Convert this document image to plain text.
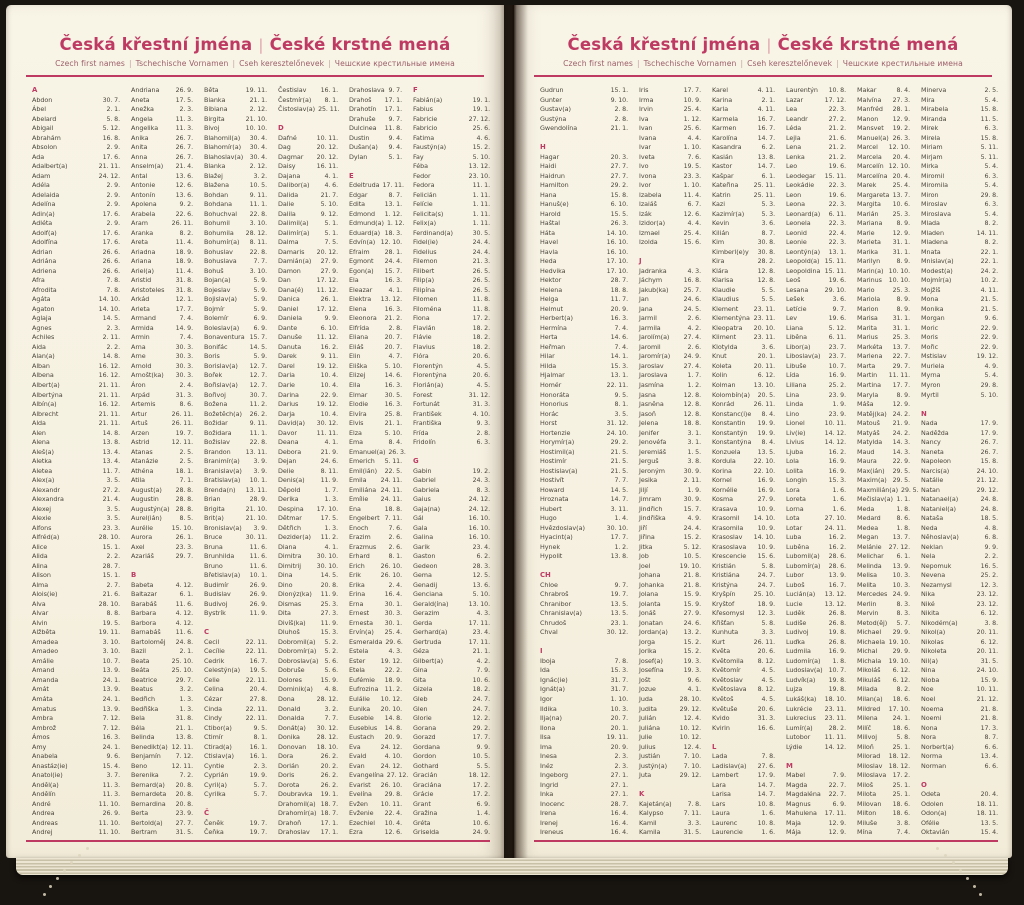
Česká křestní jména | České krstné mená
Czech first names | Tschechische Vornamen | Cseh keresztelőnevek | Чешские крестильные имена
A
Abdon	30. 7.
Ábel	2. 1.
Abelard	5. 8.
Abigail	5. 12.
Abrahám	16. 8.
Absolon	2. 9.
Ada	17. 6.
Adalbert(a)	21. 11.
Adam	24. 12.
Adéla	2. 9.
Adelaida	2. 9.
Adelína	2. 9.
Adin(a)	17. 6.
Adléta	2. 9.
Adolf(a)	17. 6.
Adolfína	17. 6.
Adrian	26. 6.
Adriána	26. 6.
Adriena	26. 6.
Afra	7. 8.
Afrodita	7. 8.
Agáta	14. 10.
Agaton	14. 10.
Aglaja	14. 5.
Agnes	2. 3.
Achiles	2. 11.
Aida	2. 2.
Alan(a)	14. 8.
Alban	16. 12.
Albena	16. 12.
Albert(a)	21. 11.
Albertýna	21. 11.
Albín(a)	16. 12.
Albrecht	21. 11.
Alda	21. 11.
Alen	14. 8.
Alena	13. 8.
Aleš(a)	13. 4.
Aletka	13. 4.
Aletea	11. 7.
Alex(a)	3. 5.
Alexandr	27. 2.
Alexandra	21. 4.
Alexej	3. 5.
Alexie	3. 5.
Alfons	23. 3.
Alfréd(a)	28. 10.
Alice	15. 1.
Alida	2. 2.
Alina	28. 7.
Alison	15. 1.
Alma	2. 7.
Alois(ie)	21. 6.
Alva	28. 10.
Alvar	8. 8.
Alvin	19. 5.
Alžběta	19. 11.
Amadea	3. 10.
Amadeo	3. 10.
Amálie	10. 7.
Amand	13. 9.
Amanda	24. 1.
Amát	13. 9.
Amáta	24. 1.
Amatus	13. 9.
Ambra	7. 12.
Ambrož	7. 12.
Ámos	16. 3.
Amy	24. 1.
Anabela	9. 6.
Anastáz(ie)	15. 4.
Anatol(ie)	3. 7.
Anděl(a)	11. 3.
Andělín	11. 3.
André	11. 10.
Andrea	26. 9.
Andreas	11. 10.
Andrej	11. 10.
Andriana	26. 9.
Aneta	17. 5.
Anežka	2. 3.
Angela	11. 3.
Angelika	11. 3.
Anika	26. 7.
Anita	26. 7.
Anna	26. 7.
Anselm(a) 21. 4.
Antal	13. 6.
Antonie	12. 6.
Antonín	13. 6.
Apolena	9. 2.
Arabela	22. 6.
Aram	26. 11.
Aranka	8. 2.
Areta	11. 4.
Ariadna	18. 9.
Ariana	18. 9.
Ariel(a)	11. 4.
Aristid	31. 8.
Aristoteles 31. 8.
Arkád	12. 1.
Arleta	17. 7.
Armand	7. 4.
Armida	14. 9.
Armin	7. 4.
Arna	30. 3.
Arne	30. 3.
Arnold	30. 3.
Arnošt(ka) 30. 3.
Áron	2. 4.
Arpád	31. 3.
Artemis	8. 6.
Artur	26. 11.
Artuš	26. 11.
Arzen	19. 7.
Astrid	12. 11.
Atanas	2. 5.
Atanázie	2. 5.
Athéna	18. 1.
Atila	7. 1.
August(a) 28. 8.
Augustin	28. 8.
Augustýn(a) 28. 8.
Aurel(ián)	8. 5.
Aurélie	15. 10.
Aurora	26. 1.
Axel	23. 3.
Azariáš	29. 7.
B
Babeta	4. 12.
Baltazar	6. 1.
Barabáš	11. 6.
Barbara	4. 12.
Barbora	4. 12.
Barnabáš 11. 6.
Bartoloměj 24. 8.
Bazil	2. 1.
Beata	25. 10.
Beáta	25. 10.
Beatrice	29. 7.
Beatus	3. 2.
Bedřich	1. 3.
Bedřiška	1. 3.
Bela	31. 8.
Béla	21. 1.
Belinda	13. 8.
Benedikt(a) 12. 11.
Benjamín 7. 12.
Beno	12. 11.
Berenika	7. 2.
Bernard(a) 20. 8.
Bernardeta 20. 8.
Bernardina 20. 8.
Berta	23. 9.
Bertold(a) 27. 7.
Bertram	31. 5.
Běta	19. 11.
Bianka	21. 1.
Bibiana	2. 12.
Birgita	21. 10.
Bivoj	10. 10.
Blahomil(a) 30. 4.
Blahomír(a) 30. 4.
Blahoslav(a) 30. 4.
Blanka	2. 12.
Blažej	3. 2.
Blažena	10. 5.
Bohdan	9. 11.
Bohdana	11. 1.
Bohuchval 22. 8.
Bohumil	3. 10.
Bohumila 28. 12.
Bohumír(a) 8. 11.
Bohuslav	22. 8.
Bohuslava	7. 7.
Bohuš	3. 10.
Bojan(a)	5. 9.
Bojeslav	5. 9.
Bojislav(a)	5. 9.
Bojmír	5. 9.
Bolemír	6. 9.
Boleslav(a) 6. 9.
Bonaventura 15. 7.
Bonifác	14. 5.
Boris	5. 9.
Borislav(a) 12. 7.
Bořek	12. 7.
Bořislav(a) 12. 7.
Bořivoj	30. 7.
Božena	11. 2.
Božetěch(a) 26. 2.
Božidar	9. 11.
Božidara	11. 1.
Božislav	22. 8.
Brandon 13. 11.
Branimír(a) 3. 9.
Branislav(a) 3. 9.
Bratislav(a) 10. 1.
Brenda(n) 13. 11.
Brian	28. 9.
Brigita	21. 10.
Brit(a)	21. 10.
Bronislav(a) 3. 9.
Bruce	30. 11.
Bruna	11. 6.
Brunhilda 11. 6.
Bruno	11. 6.
Břetislav(a) 10. 1.
Budimír	26. 9.
Budislav	26. 9.
Budivoj	26. 9.
Bystrík	11. 9.
C
Cecil	22. 11.
Cecílie	22. 11.
Cedrik	16. 7.
Celestýn(a) 19. 5.
Celie	22. 11.
Celina	20. 4.
Cézar	27. 8.
Cinda	22. 11.
Cindy	22. 11.
Ctibor(a)	9. 5.
Ctimír	8. 1.
Ctirad(a)	16. 1.
Ctislav(a) 16. 1.
Cyntie	2. 3.
Cyprián	19. 9.
Cyril(a)	5. 7.
Cyrilka	5. 7.
Č
Čeněk	19. 7.
Čeňka	19. 7.
Čestislav 16. 1.
Čestmír(a) 8. 1.
Čistoslav(a) 25. 11.
D
Dafné	10. 11.
Dag	20. 12.
Dagmar 20. 12.
Daisy	16. 11.
Dajana	4. 1.
Dalibor(a) 4. 6.
Dalida	21. 7.
Dalie	5. 10.
Dalila	9. 12.
Dalimil(a)	5. 1.
Dalimír(a) 5. 1.
Dalma	7. 5.
Damaris 20. 12.
Damián(a) 27. 9.
Damon	27. 9.
Dan	17. 12.
Dana(é) 11. 12.
Danica	26. 1.
Daniel	17. 12.
Daniela	9. 9.
Dante	6. 10.
Danuše 11. 12.
Danuta	16. 2.
Darek	9. 11.
Darel	19. 12.
Daria	10. 4.
Darie	10. 4.
Darina	22. 9.
Darius	19. 12.
Darja	10. 4.
David(a) 30. 12.
Davor	11. 11.
Deana	4. 1.
Debora	21. 9.
Dejan	24. 6.
Delie	8. 11.
Denis(a)	11. 9.
Děpold	1. 7.
Derika	1. 3.
Despina 17. 10.
Dětmar	17. 5.
Dětřich	1. 3.
Dezider(a) 11. 2.
Diana	4. 1.
Dimitra 30. 10.
Dimitrij 30. 10.
Dina	14. 5.
Dino	20. 8.
Dionýz(ka) 11. 9.
Dismas	25. 3.
Dita	27. 3.
Divíš(ka) 11. 9.
Dluhoš	15. 3.
Dobromil(a) 5. 2.
Dobromír(a) 5. 2.
Dobroslav(a) 5. 6.
Dobruše	5. 6.
Dolores	15. 9.
Dominik(a) 4. 8.
Dona	28. 12.
Donald	3. 2.
Donalda	7. 7.
Donát(a) 30. 12.
Donika	28. 12.
Donovan 18. 10.
Dora	26. 2.
Dorián	20. 2.
Doris	26. 2.
Dorota	26. 2.
Doubravka 19. 1.
Drahomil(a) 18. 7.
Drahomír(a) 18. 7.
Drahoň	17. 1.
Drahoslav 17. 1.
Drahoslava 9. 7.
Drahoš 17. 1.
Drahotín 17. 1.
Drahuše 9. 7.
Dulcinea 11. 8.
Dustin	9. 4.
Dušan(a) 9. 4.
Dylan	5. 1.
E
Edeltruda 17. 11.
Edgar	8. 7.
Edita	13. 1.
Edmond 1. 12.
Edmund(a) 1. 12.
Eduard(a) 18. 3.
Edvín(a) 12. 10.
Efraim 28. 1.
Egmont 24. 4.
Egon(a) 15. 7.
Ela	16. 3.
Eleazar	4. 1.
Elektra 13. 12.
Elena	16. 3.
Eleonora 21. 2.
Elfrída	2. 8.
Eliana	20. 7.
Eliáš	20. 7.
Elin	4. 7.
Eliška	5. 10.
Elizej	14. 6.
Ella	16. 3.
Elmar	30. 5.
Elodie	16. 3.
Elvíra	25. 8.
Elvis	21. 1.
Elza	5. 10.
Ema	8. 4.
Emanuel(a) 26. 3.
Emerich 5. 11.
Emil(ián) 22. 5.
Emila 24. 11.
Emiliána 24. 11.
Emílie 24. 11.
Ena	18. 8.
Engelbert 7. 11.
Enoch	7. 6.
Erazim	2. 6.
Erazmus 2. 6.
Erhard	8. 1.
Erich	26. 10.
Erik	26. 10.
Erika	2. 4.
Erina	16. 4.
Erna	30. 1.
Ernest 30. 3.
Ernesta 30. 1.
Ervín(a) 25. 4.
Esmeralda 29. 6.
Estela	4. 3.
Ester 19. 12.
Etela	22. 2.
Eufémie 18. 9.
Eufrozina 11. 2.
Eulálie 10. 12.
Eunika 20. 10.
Eusebie 14. 8.
Eusebius 14. 8.
Eustach 20. 9.
Eva	24. 12.
Evald	4. 10.
Evan	24. 12.
Evangelína 27. 12.
Evarist 26. 10.
Evelína 29. 8.
Evžen 10. 11.
Evženie 22. 4.
Ezechiel 10. 4.
Ezra	12. 6.
F
Fabián(a)	19. 1.
Fabius	19. 1.
Fabricie	27. 12.
Fabricio	25. 6.
Fatima	4. 6.
Faustýn(a)	15. 2.
Fay	5. 10.
Féba	13. 12.
Fedor	23. 10.
Fedora	11. 1.
Felicián	1. 11.
Felície	1. 11.
Felicita(s)	1. 11.
Felix(a)	1. 11.
Ferdinand(a)	30. 5.
Fidel(ie)	24. 4.
Fidelius	24. 4.
Filemon	21. 3.
Filibert	26. 5.
Filip(a)	26. 5.
Filipína	26. 5.
Filomen	11. 8.
Filoména	11. 8.
Fiona	17. 2.
Flavián	18. 2.
Flávie	18. 2.
Flavius	18. 2.
Flóra	20. 6.
Florentýn	4. 5.
Florentýna	20. 6.
Florián(a)	4. 5.
Forest	31. 12.
Fortunát	31. 3.
František	4. 10.
Františka	9. 3.
Frída	2. 8.
Fridolín	6. 3.
G
Gabin	19. 2.
Gabriel	24. 3.
Gabriela	8. 3.
Gaius	24. 12.
Gaja(na)	24. 12.
Gál	16. 10.
Gala	16. 10.
Galina	16. 10.
Garik	23. 4.
Gaston	6. 2.
Gedeon	28. 3.
Gema	12. 5.
Genadij	13. 6.
Genciana	5. 10.
Gerald(ína)	13. 10.
Gerazim	4. 3.
Gerda	17. 11.
Gerhard(a)	23. 4.
Gertruda	17. 11.
Géza	21. 1.
Gilbert(a)	4. 2.
Gina	7. 9.
Gita	10. 6.
Gizela	18. 2.
Gleb	24. 7.
Glen	24. 7.
Glorie	12. 2.
Gorana	29. 2.
Gorazd	17. 7.
Gordana	9. 9.
Gordon	10. 5.
Gothard	5. 5.
Gracián	18. 12.
Graciána	17. 2.
Grácie	17. 2.
Grant	6. 9.
Gražina	1. 4.
Gréta	10. 6.
Griselda	24. 9.
Česká křestní jména | České krstné mená
Czech first names | Tschechische Vornamen | Cseh keresztelőnevek | Чешские крестильные имена
Gudrun	15. 1.
Gunter	9. 10.
Gustav(a)	2. 8.
Gustýna	2. 8.
Gwendolína	21. 1.
H
Hagar	20. 3.
Haidi	27. 7.
Haidrun	27. 7.
Hamilton	29. 2.
Hana	15. 8.
Hanuš(e)	6. 10.
Harold	15. 5.
Haštal	26. 3.
Háta	14. 10.
Havel	16. 10.
Havla	16. 10.
Heda	17. 10.
Hedvika	17. 10.
Hektor	28. 7.
Helena	18. 8.
Helga	11. 7.
Helmut	20. 9.
Herbert(a)	16. 3.
Hermína	7. 4.
Herta	14. 6.
Heřman	7. 4.
Hilar	14. 1.
Hilda	15. 3.
Hjalmar	13. 1.
Homér	22. 11.
Honoráta	9. 5.
Honorius	8. 1.
Horác	3. 5.
Horst	31. 12.
Hortenzie	24. 10.
Horymír(a)	29. 2.
Hostimil(a)	21. 5.
Hostimír	21. 5.
Hostislav(a)	21. 5.
Hostivít	7. 7.
Howard	14. 5.
Hroznata	14. 7.
Hubert	3. 11.
Hugo	1. 4.
Hvězdoslav(a)	30. 10.
Hyacint(a)	17. 7.
Hynek	1. 2.
Hypolit	13. 8.
CH
Chloe	9. 7.
Chrabroš	19. 7.
Chranibor	13. 5.
Chranislav(a)	13. 5.
Chrudoš	23. 1.
Chval	30. 12.
I
Iboja	7. 8.
Ida	15. 3.
Ignác(ie)	31. 7.
Ignát(a)	31. 7.
Igor	1. 10.
Ildika	10. 3.
Ilja(na)	20. 7.
Ilona	20. 1.
Ilsa	19. 11.
Ima	20. 9.
Inesa	2. 3.
Inéz	2. 3.
Ingeborg	27. 1.
Ingrid	27. 1.
Inka	27. 1.
Inocenc	28. 7.
Irena	16. 4.
Irenej	16. 4.
Ireneus	16. 4.
Iris	17. 7.
Irma	10. 9.
Irvin	25. 4.
Iva	1. 12.
Ivan	25. 6.
Ivana	4. 4.
Ivar	1. 10.
Iveta	7. 6.
Ivo	19. 5.
Ivona	23. 3.
Ivor	1. 10.
Izabela	11. 4.
Izaiáš	6. 7.
Izák	12. 6.
Izidor(a)	4. 4.
Izmael	25. 4.
Izolda	15. 6.
J
Jadranka	4. 3.
Jáchym	16. 8.
Jakub(ka) 25. 7.
Jan	24. 6.
Jana	24. 5.
Jarmil	2. 6.
Jarmila	4. 2.
Jarolím(a) 27. 4.
Jaromil	2. 6.
Jaromír(a) 24. 9.
Jaroslav	27. 4.
Jaroslava	1. 7.
Jasmína	1. 2.
Jasna	12. 8.
Jasněna	12. 8.
Jasoň	12. 8.
Jelena	18. 8.
Jenifer	3. 1.
Jenovéfa	3. 1.
Jeremiáš	1. 5.
Jerguš	3. 8.
Jeroným	30. 9.
Jesika	2. 11.
Jiljí	1. 9.
Jimram	30. 9.
Jindřich	15. 7.
Jindřiška	4. 9.
Jiří	24. 4.
Jiřina	15. 2.
Jitka	5. 12.
Job	10. 5.
Joel	19. 10.
Johana	21. 8.
Johanka	21. 8.
Jolana	15. 9.
Jolanta	15. 9.
Jonáš	27. 9.
Jonatan	24. 6.
Jordan(a)	13. 2.
Jorga	15. 2.
Jorika	15. 2.
Josef(a)	19. 3.
Josefína	19. 3.
Jošt	9. 6.
Jozue	4. 1.
Juda	28. 10.
Judita	29. 12.
Julián	12. 4.
Juliána	10. 12.
Julie	10. 12.
Julius	12. 4.
Justián	7. 10.
Justýn(a)	7. 10.
Juta	29. 12.
K
Kajetán(a)	7. 8.
Kalypso	7. 11.
Kamil	3. 3.
Kamila	31. 5.
Karel	4. 11.
Karina	2. 1.
Karla	4. 11.
Karmela	16. 7.
Karmen	16. 7.
Karolína	14. 7.
Kasandra	6. 2.
Kasián	13. 8.
Kastor	14. 7.
Kašpar	6. 1.
Kateřina 25. 11.
Katrin	25. 11.
Kazi	5. 3.
Kazimír(a)	5. 3.
Kevin	3. 6.
Kilián	8. 7.
Kim	30. 8.
Kimberl(e)y 30. 8.
Kira	28. 2.
Klára	12. 8.
Klarisa	12. 8.
Klaudie	5. 5.
Klaudius	5. 5.
Klement 23. 11.
Klementýna 23. 11.
Kleopatra 20. 10.
Kliment	23. 11.
Klotylda	3. 6.
Knut	20. 1.
Koleta	20. 11.
Kolin	6. 12.
Kolman	13. 10.
Kolombín(a) 20. 5.
Konrád	26. 11.
Konstanc(i)e 8. 4.
Konstantin 19. 9.
Konstantýn 19. 9.
Konstantýna 8. 4.
Konzuela	13. 5.
Kordula	22. 10.
Korina	22. 10.
Kornel	16. 9.
Kornélie	16. 9.
Kosma	27. 9.
Krasava	10. 9.
Krasomil 14. 10.
Krasomila 10. 9.
Krasoslav 14. 10.
Krasoslava 10. 9.
Krescencie 15. 6.
Kristián	5. 8.
Kristiána	24. 7.
Kristýna	24. 7.
Kryšpín	25. 10.
Kryštof	18. 9.
Křesomysl 12. 3.
Křišťan	5. 8.
Kunhuta	3. 3.
Kurt	26. 11.
Květa	20. 6.
Květomila 8. 12.
Květomír	4. 5.
Květoslav	4. 5.
Květoslava 8. 12.
Květoš	4. 5.
Květuše	20. 6.
Kvido	31. 3.
Kvirin	16. 6.
L
Lada	7. 8.
Ladislav(a) 27. 6.
Lambert	17. 9.
Lara	14. 7.
Larisa	14. 7.
Lars	10. 8.
Laura	1. 6.
Laurenc	10. 8.
Laurencie	1. 6.
Laurentýn 10. 8.
Lazar	17. 12.
Lea	22. 3.
Leandr	27. 2.
Léda	21. 2.
Lejla	21. 6.
Lena	21. 2.
Lenka	21. 2.
Leo	19. 6.
Leodegar 15. 11.
Leokádie 22. 3.
Leon	19. 6.
Leona	22. 3.
Leonard(a) 6. 11.
Leonela	22. 3.
Leonid	22. 4.
Leonie	22. 3.
Leontýn(a) 13. 1.
Leopold(a) 15. 11.
Leopoldina 15. 11.
Leoš	19. 6.
Lesana	29. 10.
Lešek	3. 6.
Letície	9. 7.
Lev	19. 6.
Liana	5. 12.
Liběna	6. 11.
Libor(a)	23. 7.
Liboslav(a) 23. 7.
Libuše	10. 7.
Lída	16. 9.
Liliana	25. 2.
Lina	23. 9.
Linda	1. 9.
Lino	23. 9.
Lionel	10. 11.
Liv(ie)	14. 12.
Livius	14. 12.
Ljuba	16. 2.
Lola	16. 9.
Lolita	16. 9.
Longin	15. 3.
Lora	1. 6.
Loreta	1. 6.
Lorna	1. 6.
Lota	27. 10.
Lotar	24. 11.
Luba	16. 2.
Luběna	16. 2.
Lubomil(a) 28. 6.
Lubomír(a) 28. 6.
Lubor	13. 9.
Luboš	16. 7.
Lucián(a) 13. 12.
Lucie	13. 12.
Luděk	26. 8.
Ludiše	26. 8.
Ludivoj	19. 8.
Luďka	26. 8.
Ludmila	16. 9.
Ludomír(a) 1. 8.
Ludoslav(a) 10. 7.
Ludvík(a) 19. 8.
Lujza	19. 8.
Lukáš(ka) 18. 10.
Lukrécie 23. 11.
Lukrecius 23. 11.
Lumír(a)	28. 2.
Lutobor 11. 11.
Lýdie	14. 12.
M
Mabel	7. 9.
Magda	22. 7.
Magdaléna 22. 7.
Magnus	6. 9.
Mahulena 17. 11.
Maja	12. 9.
Mája	12. 9.
Makar	8. 4.
Malvína 27. 3.
Manfréd 28. 1.
Manon 12. 9.
Mansvet 19. 2.
Manuel(a) 26. 3.
Marcel 12. 10.
Marcela 20. 4.
Marcelín 12. 10.
Marcelína 20. 4.
Marek	25. 4.
Margareta 13. 7.
Margita 10. 6.
Marián 25. 3.
Mariana 8. 9.
Marie	12. 9.
Marieta 31. 1.
Marika 31. 1.
Marilyn	8. 9.
Marin(a) 10. 10.
Marinus 10. 10.
Mario	25. 3.
Mariola	8. 9.
Marion	8. 9.
Marisa 31. 1.
Marita 31. 1.
Marius 25. 3.
Markéta 13. 7.
Marlena 22. 7.
Marta	29. 7.
Martin 11. 11.
Martina 17. 7.
Maryla	8. 9.
Máša	12. 9.
Matěj(ka) 24. 2.
Matouš 21. 9.
Matyáš 24. 2.
Matylda 14. 3.
Maud	14. 3.
Maura	22. 9.
Max(ián) 29. 5.
Maxim(a) 29. 5.
Maxmilián(a) 29. 5.
Mečislav(a) 1. 1.
Meda	1. 8.
Medard	8. 6.
Medea	1. 8.
Megan 13. 7.
Melánie 27. 12.
Melichar 6. 1.
Melinda 13. 9.
Melisa 10. 3.
Melita	10. 3.
Mercedes 24. 9.
Merlin	8. 3.
Mervin	8. 3.
Metod(ěj) 5. 7.
Michael 29. 9.
Michaela 19. 10.
Michal 29. 9.
Michala 19. 10.
Mikoláš 6. 12.
Mikuláš 6. 12.
Milada	8. 2.
Milan(a) 18. 6.
Mildred 17. 10.
Milena 24. 1.
Milíč	18. 6.
Milivoj	5. 8.
Miloň	25. 1.
Milorad 18. 12.
Miloslav 18. 12.
Miloslava 17. 2.
Miloš	25. 1.
Milota	25. 1.
Milovan 18. 6.
Milton	18. 6.
Miluše	3. 8.
Mína	7. 4.
Minerva	2. 5.
Mira	5. 4.
Mirabela	15. 8.
Miranda	11. 5.
Mirek	6. 3.
Mirela	15. 8.
Miriam	5. 11.
Mirjam	5. 11.
Mirka	5. 4.
Miromil	6. 3.
Miromila	5. 4.
Miron	29. 8.
Miroslav	6. 3.
Miroslava	5. 4.
Mlada	8. 2.
Mladen	14. 11.
Mladena	8. 2.
Mnata	22. 1.
Mnislav(a)	22. 1.
Modest(a)	24. 2.
Mojmír(a)	10. 2.
Mojžíš	4. 11.
Mona	21. 5.
Monika	21. 5.
Morgan	9. 6.
Moric	22. 9.
Moris	22. 9.
Mořic	22. 9.
Mstislav	19. 12.
Muriela	4. 9.
Myrna	5. 4.
Myron	29. 8.
Myrtil	5. 10.
N
Nada	17. 9.
Naděžda	17. 9.
Nancy	26. 7.
Naneta	26. 7.
Napoleon	15. 8.
Narcis(a)	24. 10.
Natálie	21. 12.
Natan	29. 12.
Natanael(a)	24. 8.
Nataniel(a)	24. 8.
Nataša	18. 5.
Neda	4. 8.
Něhoslav(a)	6. 8.
Neklan	9. 9.
Nela	2. 2.
Nepomuk	16. 5.
Nevena	25. 2.
Nezamysl	12. 3.
Nika	23. 12.
Niké	23. 12.
Nikita	6. 12.
Nikodém(a)	3. 8.
Nikol(a)	20. 11.
Nikolas	6. 12.
Nikoleta	20. 11.
Nil(a)	31. 5.
Nina	24. 10.
Nioba	15. 9.
Noe	10. 11.
Noel	21. 12.
Noema	21. 8.
Noemi	21. 8.
Nona	17. 3.
Nora	8. 7.
Norbert(a)	6. 6.
Norma	13. 4.
Norman	6. 6.
O
Odeta	20. 4.
Odolen	18. 11.
Odon(a)	18. 11.
Ofélie	13. 5.
Oktavián	15. 4.
